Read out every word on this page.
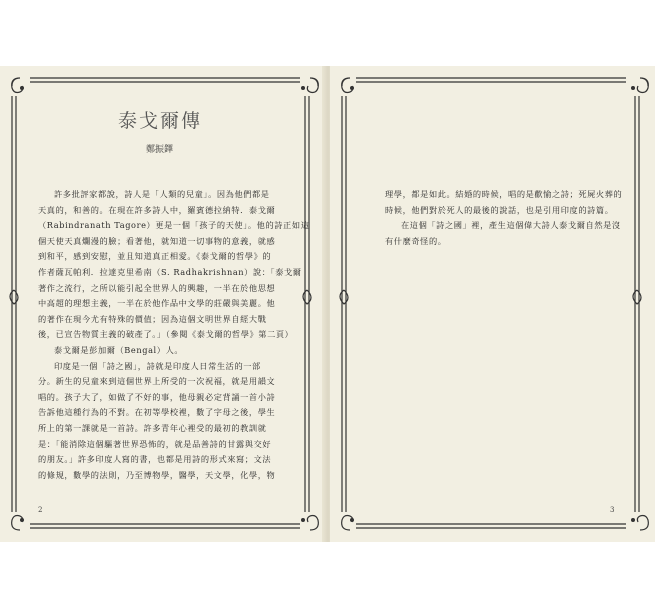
泰戈爾傳
鄭振鐸

許多批評家都說，詩人是「人類的兒童」。因為他們都是

天真的，和善的。在現在許多詩人中，羅賓德拉納特．泰戈爾

（Rabindranath Tagore）更是一個「孩子的天使」。他的詩正如這

個天使天真爛漫的臉；看著他，就知道一切事物的意義，就感

到和平，感到安慰，並且知道真正相愛。《泰戈爾的哲學》的

作者薩瓦帕利．拉達克里希南（S. Radhakrishnan）說：「泰戈爾

著作之流行，之所以能引起全世界人的興趣，一半在於他思想

中高超的理想主義，一半在於他作品中文學的莊嚴與美麗。他

的著作在現今尤有特殊的價值；因為這個文明世界自經大戰

後，已宣告物質主義的破產了。」（參閱《泰戈爾的哲學》第二頁）

泰戈爾是彭加爾（Bengal）人。

印度是一個「詩之國」，詩就是印度人日常生活的一部

分。新生的兒童來到這個世界上所受的一次祝福，就是用韻文

唱的。孩子大了，如做了不好的事，他母親必定背誦一首小詩

告訴他這種行為的不對。在初等學校裡，數了字母之後，學生

所上的第一課就是一首詩。許多青年心裡受的最初的教訓就

是：「能消除這個驅著世界恐怖的，就是品善詩的甘露與交好

的朋友。」許多印度人寫的書，也都是用詩的形式來寫；文法

的條規，數學的法則，乃至博物學，醫學，天文學，化學，物

2

理學，都是如此。結婚的時候，唱的是歡愉之詩；死屍火葬的

時候，他們對於死人的最後的說話，也是引用印度的詩篇。

在這個「詩之國」裡，產生這個偉大詩人泰戈爾自然是沒

有什麼奇怪的。

3
